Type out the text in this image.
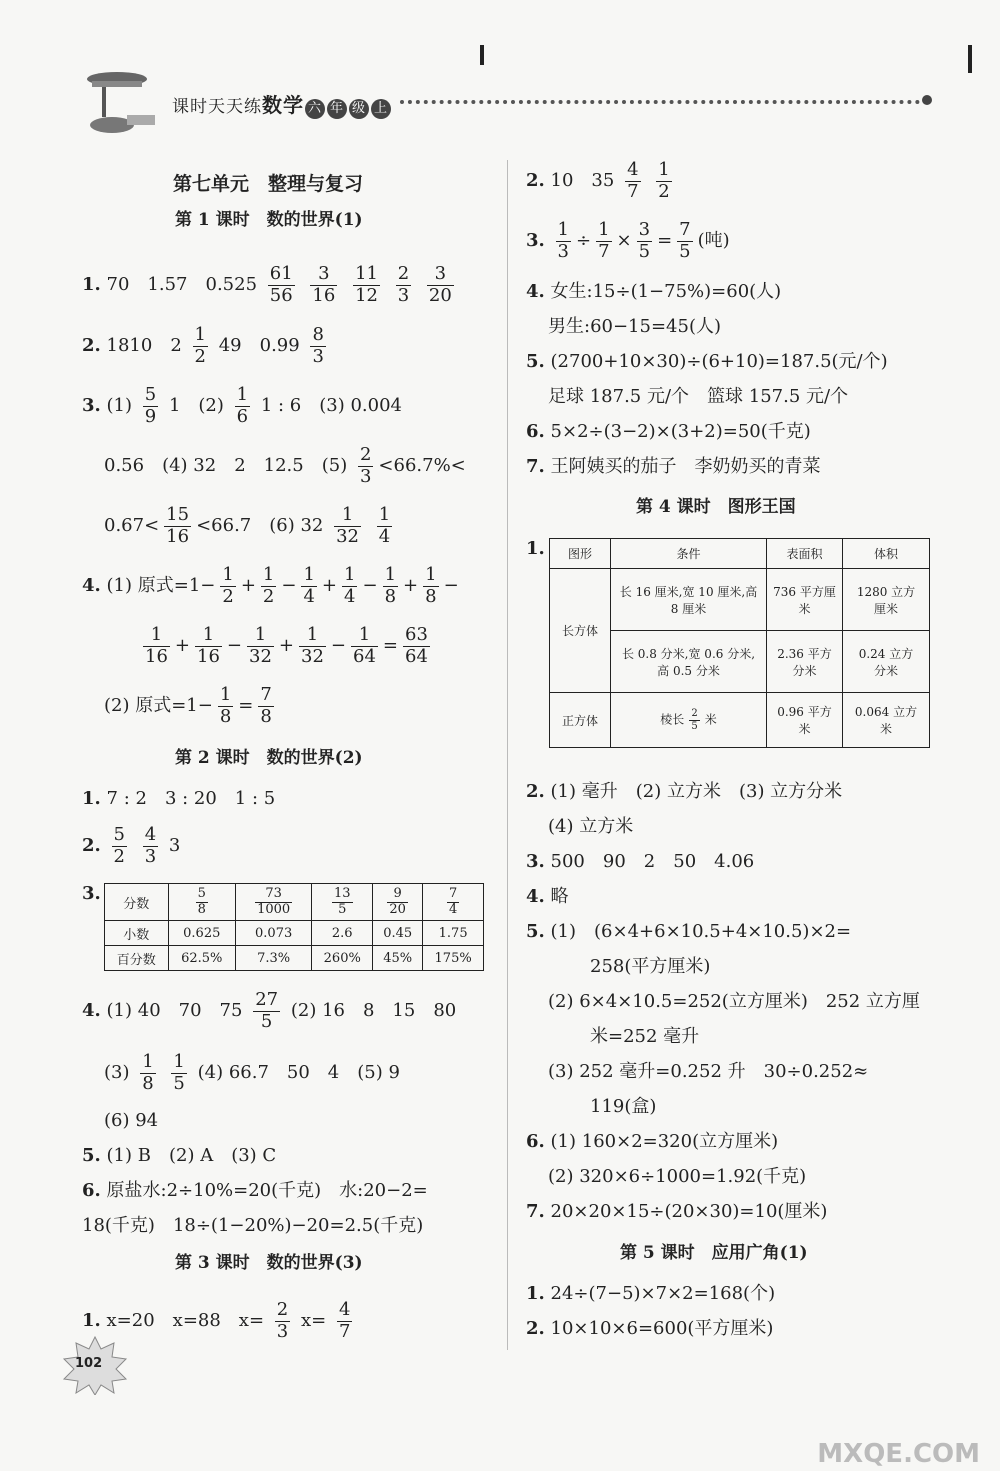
课时天天练数学 六 年 级 上
第七单元　整理与复习
第 1 课时　数的世界(1)
1. 70　1.57　$0.525 \frac{61}{56}$
$\frac{3}{16}$
$\frac{11}{12}$
$\frac{2}{3}$
$\frac{3}{20}$
2. 1810　$2 \frac{1}{2} 49$　$0.99 \frac{8}{3}$
3. $(1) \frac{5}{9} 1$　$(2) \frac{1}{6} 1$ : 6　(3) 0.004
0.56　(4) 32　2　12.5　$(5) \frac{2}{3} <66.7\%<$
$0.67< \frac{15}{16} <66.7$　(6) $32 \frac{1}{32}$
$\frac{1}{4}$
4. (1) 原式$=1- \frac{1}{2} + \frac{1}{2} - \frac{1}{4} + \frac{1}{4} - \frac{1}{8} + \frac{1}{8}$ −
$\frac{1}{16} + \frac{1}{16} - \frac{1}{32} + \frac{1}{32} - \frac{1}{64} = \frac{63}{64}$
(2) 原式$=1- \frac{1}{8} = \frac{7}{8}$
第 2 课时　数的世界(2)
1. 7 : 2　3 : 20　1 : 5
2. $\frac{5}{2}$
$\frac{4}{3} 3$
3. 分数	$\frac{5}{8}$	$\frac{73}{1000}$	$\frac{13}{5}$	$\frac{9}{20}$	$\frac{7}{4}$

小数	0.625	0.073	2.6	0.45	1.75
百分数	62.5%	7.3%	260%	45%	175%
4. (1) 40　70　$75 \frac{27}{5} (2)$ 16　8　15　80
$(3) \frac{1}{8}$
$\frac{1}{5} (4)$ 66.7　50　4　(5) 9
(6) 94
5. (1) B　(2) A　(3) C
6. 原盐水:2÷10%=20(千克)　水:20−2=
18(千克)　18÷(1−20%)−20=2.5(千克)
第 3 课时　数的世界(3)
1. x=20　x=88　$x= \frac{2}{3} x= \frac{4}{7}$
2. 10　$35 \frac{4}{7}$
$\frac{1}{2}$
3. $\frac{1}{3} \div \frac{1}{7} \times \frac{3}{5} = \frac{7}{5}$ (吨)
4. 女生:15÷(1−75%)=60(人)
男生:60−15=45(人)
5. (2700+10×30)÷(6+10)=187.5(元/个)
足球 187.5 元/个　篮球 157.5 元/个
6. 5×2÷(3−2)×(3+2)=50(千克)
7. 王阿姨买的茄子　李奶奶买的青菜
第 4 课时　图形王国
1. 图形	条件	表面积	体积
长方体	长 16 厘米,宽 10 厘米,高 8 厘米	736 平方厘米	1280 立方厘米
	长 0.8 分米,宽 0.6 分米,高 0.5 分米	2.36 平方分米	0.24 立方分米
正方体	棱长 $\frac{2}{5}$ 米	0.96 平方米	0.064 立方米
2. (1) 毫升　(2) 立方米　(3) 立方分米
(4) 立方米
3. 500　90　2　50　4.06
4. 略
5. (1)　(6×4+6×10.5+4×10.5)×2=
258(平方厘米)
(2) 6×4×10.5=252(立方厘米)　252 立方厘
米=252 毫升
(3) 252 毫升=0.252 升　30÷0.252≈
119(盒)
6. (1) 160×2=320(立方厘米)
(2) 320×6÷1000=1.92(千克)
7. 20×20×15÷(20×30)=10(厘米)
第 5 课时　应用广角(1)
1. 24÷(7−5)×7×2=168(个)
2. 10×10×6=600(平方厘米)
102
MXQE.COM
